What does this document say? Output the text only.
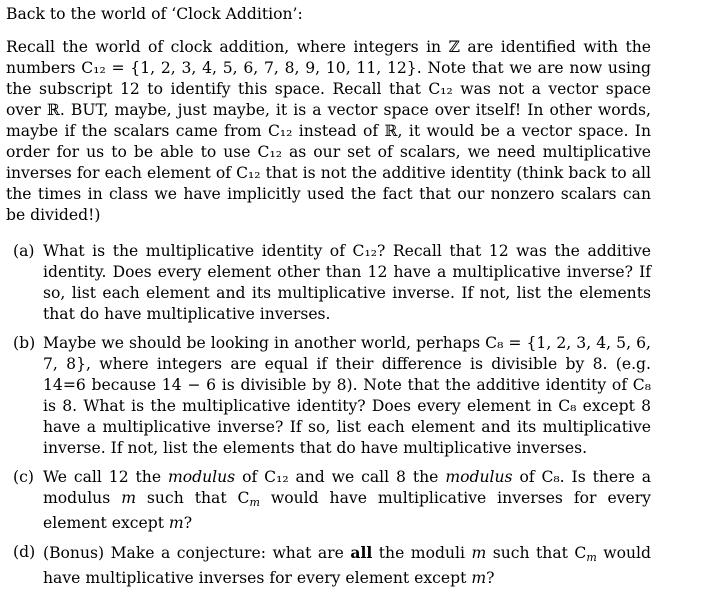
Back to the world of ‘Clock Addition’:

Recall the world of clock addition, where integers in ℤ are identified with the numbers C₁₂ = {1, 2, 3, 4, 5, 6, 7, 8, 9, 10, 11, 12}. Note that we are now using the subscript 12 to identify this space. Recall that C₁₂ was not a vector space over ℝ. BUT, maybe, just maybe, it is a vector space over itself! In other words, maybe if the scalars came from C₁₂ instead of ℝ, it would be a vector space. In order for us to be able to use C₁₂ as our set of scalars, we need multiplicative inverses for each element of C₁₂ that is not the additive identity (think back to all the times in class we have implicitly used the fact that our nonzero scalars can be divided!)

(a) What is the multiplicative identity of C₁₂? Recall that 12 was the additive identity. Does every element other than 12 have a multiplicative inverse? If so, list each element and its multiplicative inverse. If not, list the elements that do have multiplicative inverses.
(b) Maybe we should be looking in another world, perhaps C₈ = {1, 2, 3, 4, 5, 6, 7, 8}, where integers are equal if their difference is divisible by 8. (e.g. 14=6 because 14 − 6 is divisible by 8). Note that the additive identity of C₈ is 8. What is the multiplicative identity? Does every element in C₈ except 8 have a multiplicative inverse? If so, list each element and its multiplicative inverse. If not, list the elements that do have multiplicative inverses.
(c) We call 12 the modulus of C₁₂ and we call 8 the modulus of C₈. Is there a modulus m such that Cm would have multiplicative inverses for every element except m?
(d) (Bonus) Make a conjecture: what are all the moduli m such that Cm would have multiplicative inverses for every element except m?
